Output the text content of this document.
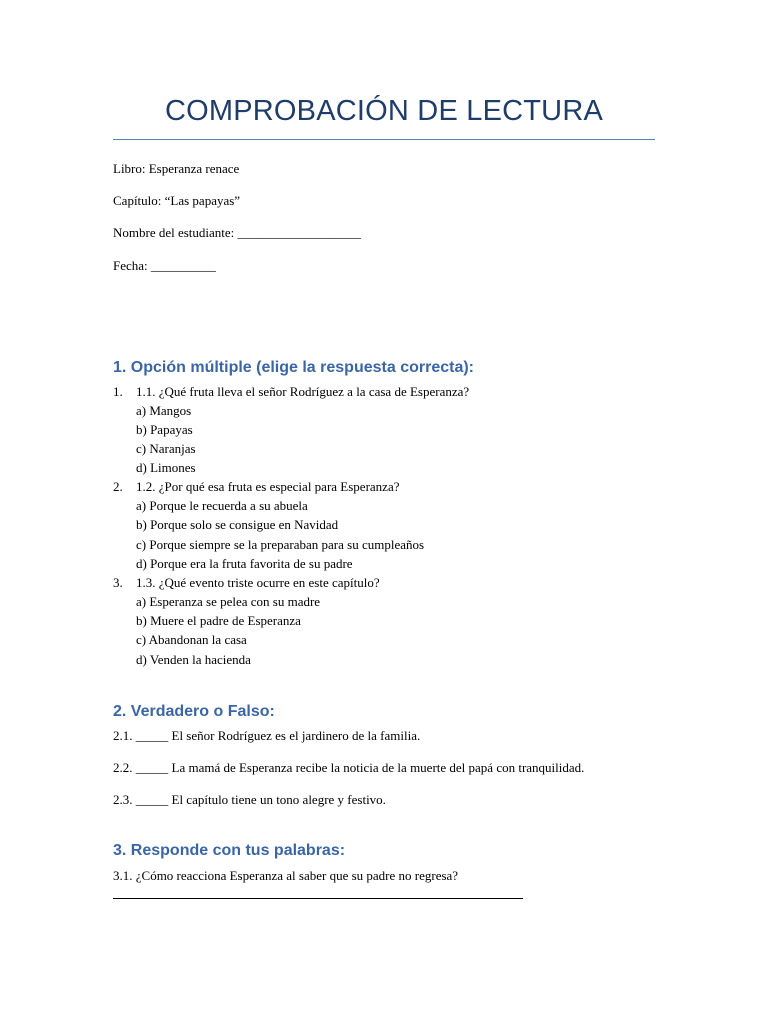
COMPROBACIÓN DE LECTURA
Libro: Esperanza renace
Capítulo: “Las papayas”
Nombre del estudiante: ___________________
Fecha: __________
1. Opción múltiple (elige la respuesta correcta):
1. 1.1. ¿Qué fruta lleva el señor Rodríguez a la casa de Esperanza?
a) Mangos
b) Papayas
c) Naranjas
d) Limones
2. 1.2. ¿Por qué esa fruta es especial para Esperanza?
a) Porque le recuerda a su abuela
b) Porque solo se consigue en Navidad
c) Porque siempre se la preparaban para su cumpleaños
d) Porque era la fruta favorita de su padre
3. 1.3. ¿Qué evento triste ocurre en este capítulo?
a) Esperanza se pelea con su madre
b) Muere el padre de Esperanza
c) Abandonan la casa
d) Venden la hacienda
2. Verdadero o Falso:
2.1. _____ El señor Rodríguez es el jardinero de la familia.
2.2. _____ La mamá de Esperanza recibe la noticia de la muerte del papá con tranquilidad.
2.3. _____ El capítulo tiene un tono alegre y festivo.
3. Responde con tus palabras:
3.1. ¿Cómo reacciona Esperanza al saber que su padre no regresa?
